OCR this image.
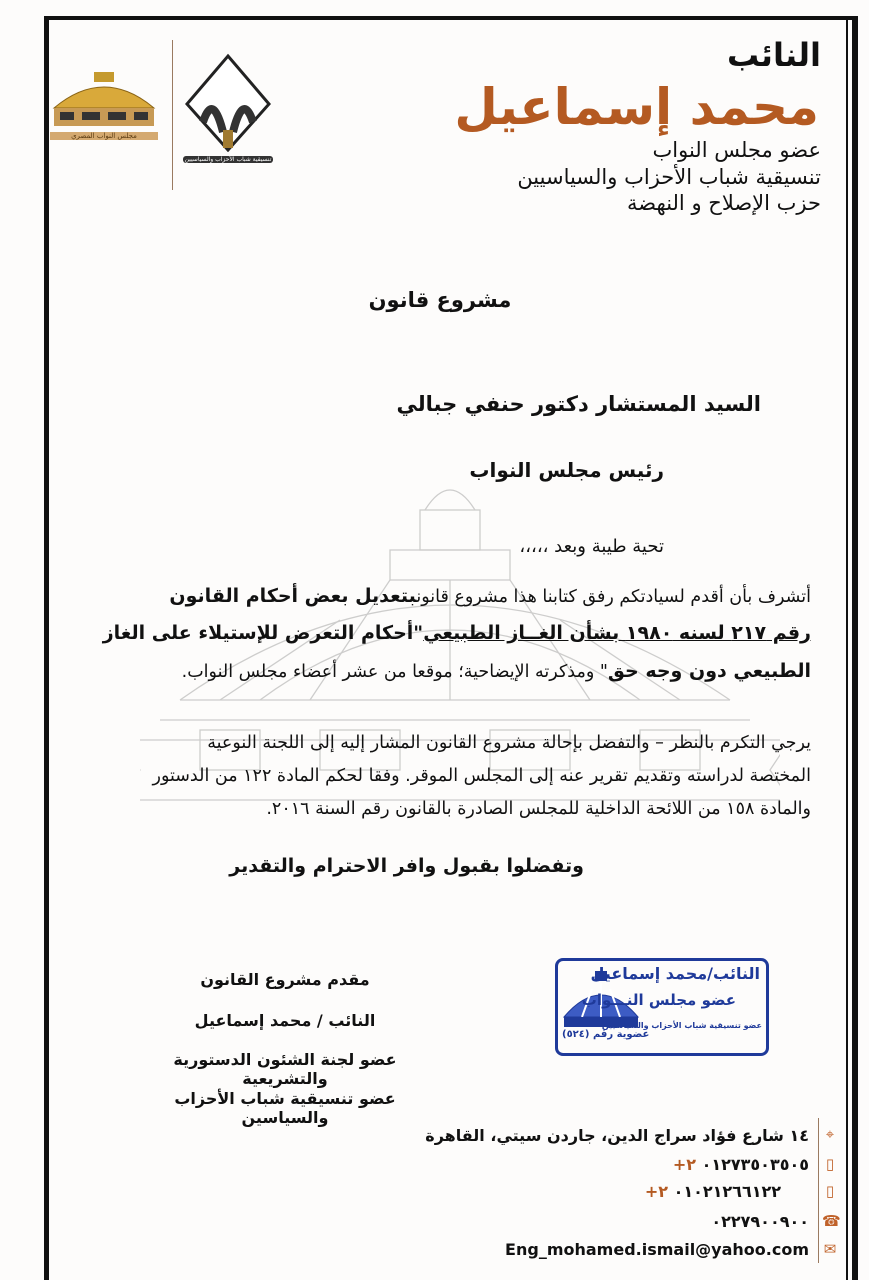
النائب
محمد إسماعيل
عضو مجلس النواب
تنسيقية شباب الأحزاب والسياسيين
حزب الإصلاح و النهضة
مجلس النواب المصري
تنسيقية شباب الأحزاب والسياسيين
مشروع قانون
السيد المستشار دكتور حنفي جبالي
رئيس مجلس النواب
تحية طيبة وبعد ،،،،،
أتشرف بأن أقدم لسيادتكم رفق كتابنا هذا مشروع قانونبتعديل بعض أحكام القانون
رقم ٢١٧ لسنه ١٩٨٠ بشأن الغــاز الطبيعي"أحكام التعرض للإستيلاء على الغاز
الطبيعي دون وجه حق" ومذكرته الإيضاحية؛ موقعا من عشر أعضاء مجلس النواب.
يرجي التكرم بالنظر – والتفضل بإحالة مشروع القانون المشار إليه إلى اللجنة النوعية
المختصة لدراسته وتقديم تقرير عنه إلى المجلس الموقر. وفقا لحكم المادة ١٢٢ من الدستور
والمادة ١٥٨ من اللائحة الداخلية للمجلس الصادرة بالقانون رقم السنة ٢٠١٦.
وتفضلوا بقبول وافر الاحترام والتقدير
مقدم مشروع القانون
النائب / محمد إسماعيل
عضو لجنة الشئون الدستورية والتشريعية
عضو تنسيقية شباب الأحزاب والسياسين
النائب/محمد إسماعيل
عضو مجلس النـــواب
عضو تنسيقية شباب الأحزاب والسياسيين
عضوية رقم (٥٢٤)
⌖
١٤ شارع فؤاد سراج الدين، جاردن سيتي، القاهرة
▯
٠١٢٧٣٥٠٣٥٠٥ +٢
▯
٠١٠٢١٢٦٦١٢٢ +٢
☎
٠٢٢٧٩٠٠٩٠٠
✉
Eng_mohamed.ismail@yahoo.com
